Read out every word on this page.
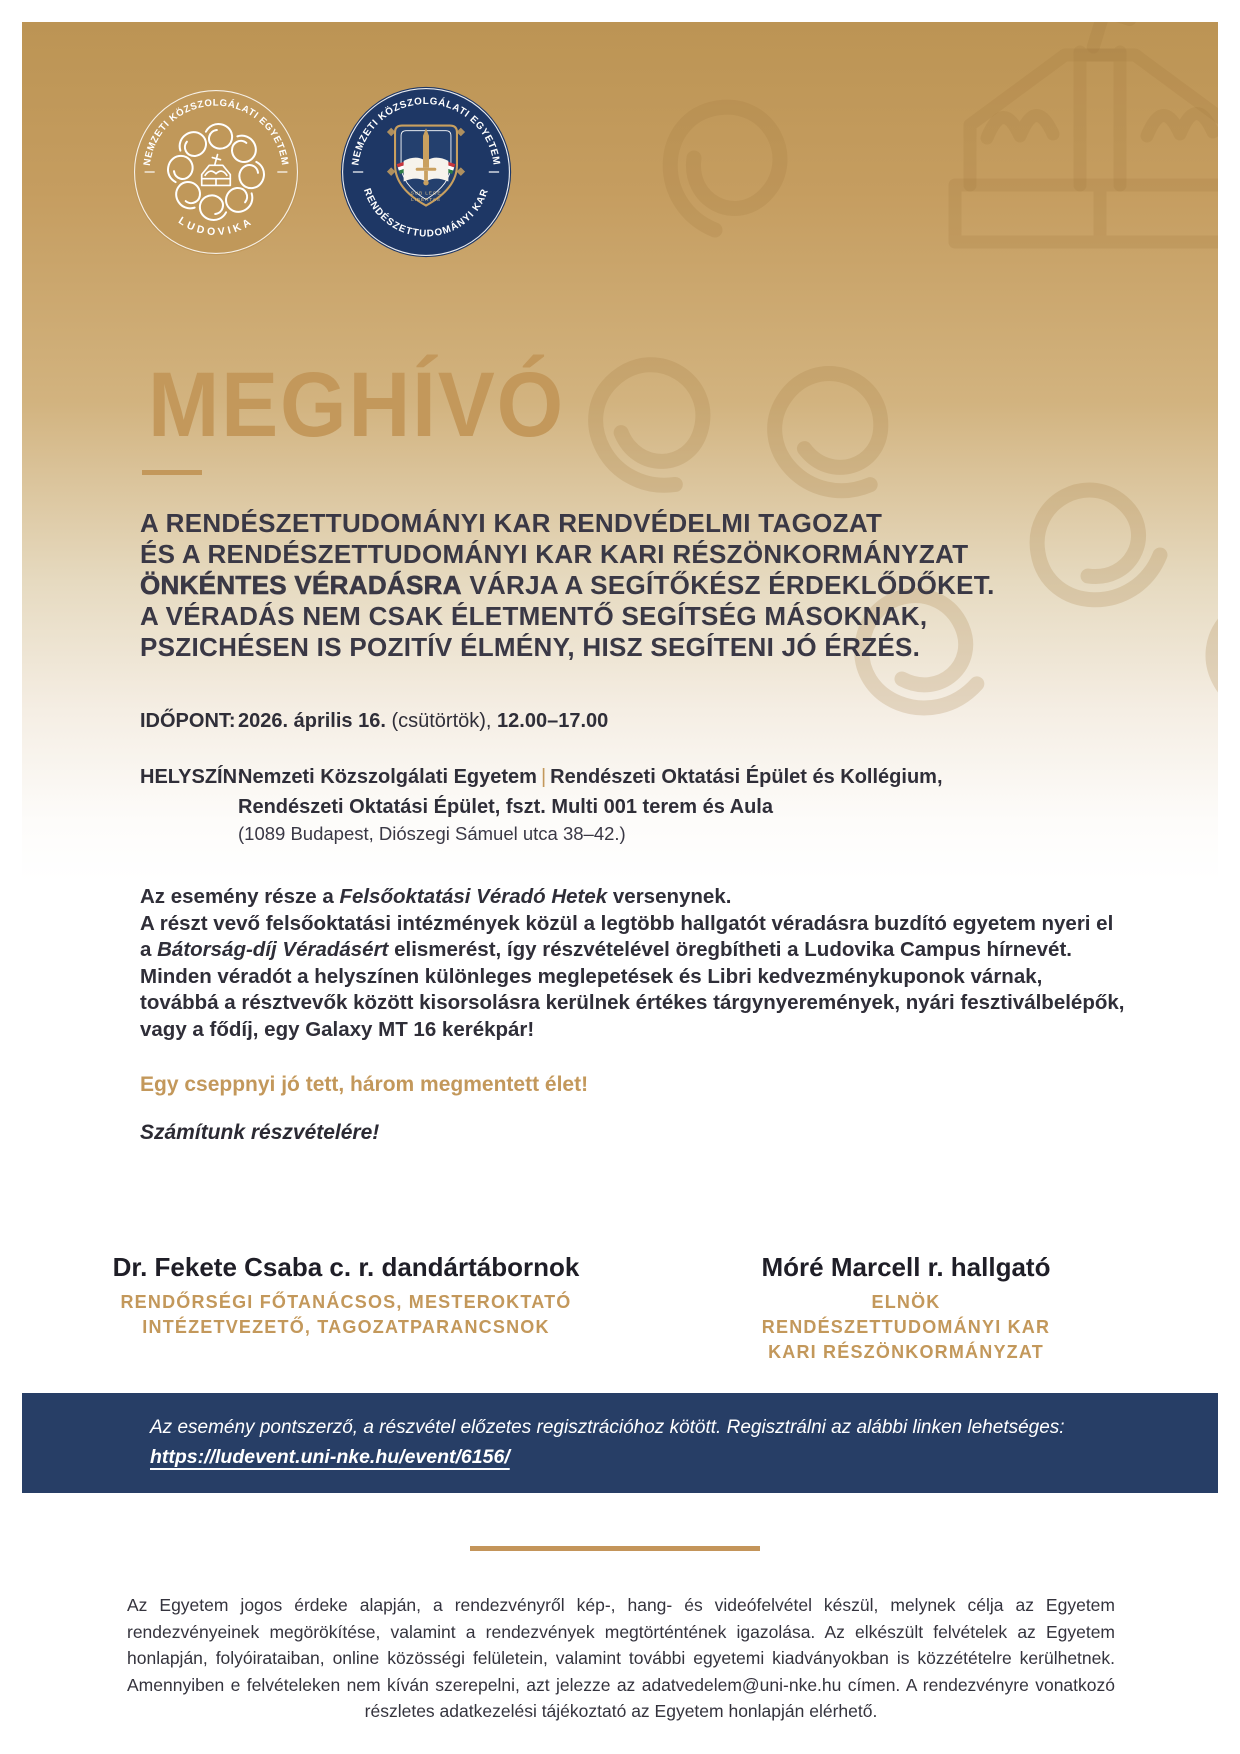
NEMZETI KÖZSZOLGÁLATI EGYETEM
LUDOVIKA
NEMZETI KÖZSZOLGÁLATI EGYETEM
RENDÉSZETTUDOMÁNYI KAR
SUB LEGE
LIBERTAS
MEGHÍVÓ

A RENDÉSZETTUDOMÁNYI KAR RENDVÉDELMI TAGOZAT
ÉS A RENDÉSZETTUDOMÁNYI KAR KARI RÉSZÖNKORMÁNYZAT
ÖNKÉNTES VÉRADÁSRA VÁRJA A SEGÍTŐKÉSZ ÉRDEKLŐDŐKET.
A VÉRADÁS NEM CSAK ÉLETMENTŐ SEGÍTSÉG MÁSOKNAK,
PSZICHÉSEN IS POZITÍV ÉLMÉNY, HISZ SEGÍTENI JÓ ÉRZÉS.

IDŐPONT: 2026. április 16. (csütörtök), 12.00–17.00
HELYSZÍN:
Nemzeti Közszolgálati Egyetem | Rendészeti Oktatási Épület és Kollégium,
Rendészeti Oktatási Épület, fszt. Multi 001 terem és Aula
(1089 Budapest, Diószegi Sámuel utca 38–42.)

Az esemény része a Felsőoktatási Véradó Hetek versenynek.
A részt vevő felsőoktatási intézmények közül a legtöbb hallgatót véradásra buzdító egyetem nyeri el
a Bátorság-díj Véradásért elismerést, így részvételével öregbítheti a Ludovika Campus hírnevét.
Minden véradót a helyszínen különleges meglepetések és Libri kedvezménykuponok várnak,
továbbá a résztvevők között kisorsolásra kerülnek értékes tárgynyeremények, nyári fesztiválbelépők,
vagy a fődíj, egy Galaxy MT 16 kerékpár!

Egy cseppnyi jó tett, három megmentett élet!

Számítunk részvételére!

Dr. Fekete Csaba c. r. dandártábornok
RENDŐRSÉGI FŐTANÁCSOS, MESTEROKTATÓ
INTÉZETVEZETŐ, TAGOZATPARANCSNOK
Móré Marcell r. hallgató
ELNÖK
RENDÉSZETTUDOMÁNYI KAR
KARI RÉSZÖNKORMÁNYZAT

Az esemény pontszerző, a részvétel előzetes regisztrációhoz kötött. Regisztrálni az alábbi linken lehetséges:

https://ludevent.uni-nke.hu/event/6156/

Az Egyetem jogos érdeke alapján, a rendezvényről kép-, hang- és videófelvétel készül, melynek célja az Egyetem rendezvényeinek megörökítése, valamint a rendezvények megtörténtének igazolása. Az elkészült felvételek az Egyetem honlapján, folyóirataiban, online közösségi felületein, valamint további egyetemi kiadványokban is közzétételre kerülhetnek. Amennyiben e felvételeken nem kíván szerepelni, azt jelezze az adatvedelem@uni-nke.hu címen. A rendezvényre vonatkozó részletes adatkezelési tájékoztató az Egyetem honlapján elérhető.
